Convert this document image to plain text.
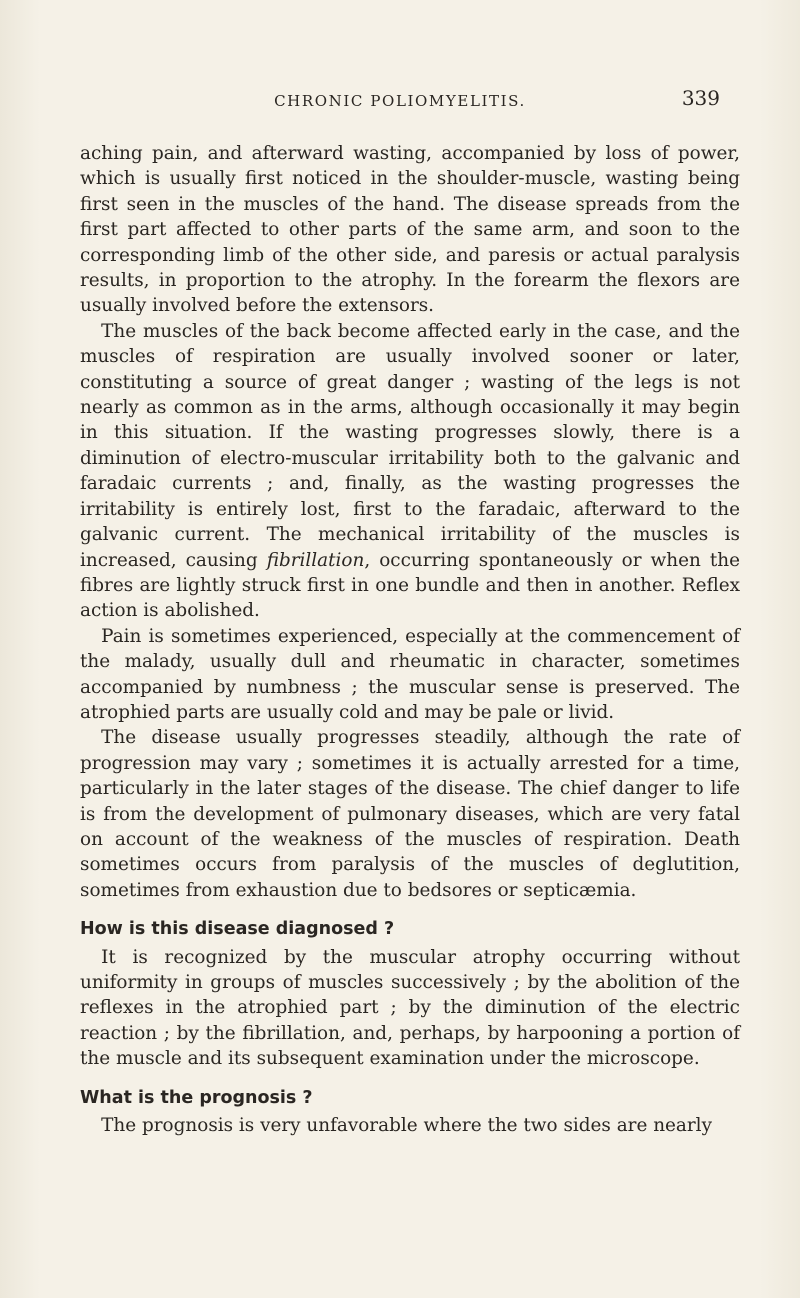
CHRONIC POLIOMYELITIS.	339

aching pain, and afterward wasting, accompanied by loss of power, which is usually first noticed in the shoulder-muscle, wasting being first seen in the muscles of the hand. The disease spreads from the first part affected to other parts of the same arm, and soon to the corresponding limb of the other side, and paresis or actual paralysis results, in proportion to the atrophy. In the forearm the flexors are usually involved before the extensors.

The muscles of the back become affected early in the case, and the muscles of respiration are usually involved sooner or later, constituting a source of great danger ; wasting of the legs is not nearly as common as in the arms, although occasionally it may begin in this situation. If the wasting progresses slowly, there is a diminution of electro-muscular irritability both to the galvanic and faradaic currents ; and, finally, as the wasting progresses the irritability is entirely lost, first to the faradaic, afterward to the galvanic current. The mechanical irritability of the muscles is increased, causing fibrillation, occurring spontaneously or when the fibres are lightly struck first in one bundle and then in another. Reflex action is abolished.

Pain is sometimes experienced, especially at the commencement of the malady, usually dull and rheumatic in character, sometimes accompanied by numbness ; the muscular sense is preserved. The atrophied parts are usually cold and may be pale or livid.

The disease usually progresses steadily, although the rate of progression may vary ; sometimes it is actually arrested for a time, particularly in the later stages of the disease. The chief danger to life is from the development of pulmonary diseases, which are very fatal on account of the weakness of the muscles of respiration. Death sometimes occurs from paralysis of the muscles of deglutition, sometimes from exhaustion due to bedsores or septicæmia.

How is this disease diagnosed ?

It is recognized by the muscular atrophy occurring without uniformity in groups of muscles successively ; by the abolition of the reflexes in the atrophied part ; by the diminution of the electric reaction ; by the fibrillation, and, perhaps, by harpooning a portion of the muscle and its subsequent examination under the microscope.

What is the prognosis ?

The prognosis is very unfavorable where the two sides are nearly
